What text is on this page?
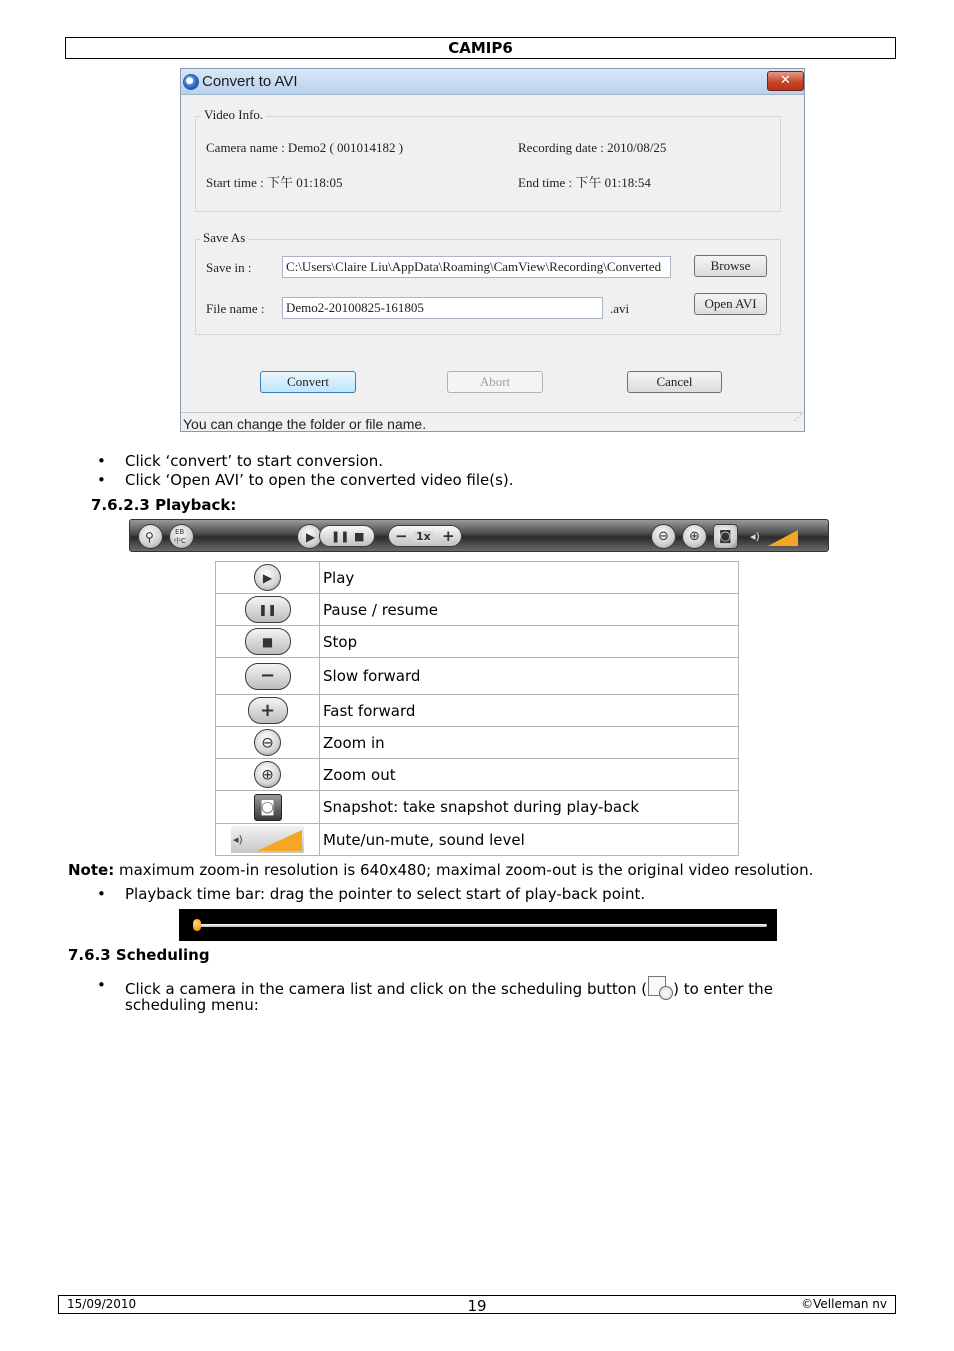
CAMIP6
Convert to AVI	✕
Video Info.
Camera name : Demo2 ( 001014182 )	Recording date : 2010/08/25
Start time : 下午 01:18:05	End time : 下午 01:18:54
Save As
Save in :	C:\Users\Claire Liu\AppData\Roaming\CamView\Recording\Converted	Browse
File name :	Demo2-20100825-161805	.avi	Open AVI
Convert	Abort	Cancel
You can change the folder or file name.	⋰
• Click ‘convert’ to start conversion.
• Click ‘Open AVI’ to open the converted video file(s).
7.6.2.3 Playback:
⚲	EB
中C	▶ ❚❚ ■ − 1x +	⊖ ⊕ ◙ ◂)
▶	Play

❚❚	Pause / resume

■	Stop

−	Slow forward

+	Fast forward

⊖	Zoom in

⊕	Zoom out

◙	Snapshot: take snapshot during play-back

◂)	Mute/un-mute, sound level
Note: maximum zoom-in resolution is 640x480; maximal zoom-out is the original video resolution.
• Playback time bar: drag the pointer to select start of play-back point.
7.6.3 Scheduling
• Click a camera in the camera list and click on the scheduling button ( ) to enter the
scheduling menu:
15/09/2010	19	©Velleman nv
